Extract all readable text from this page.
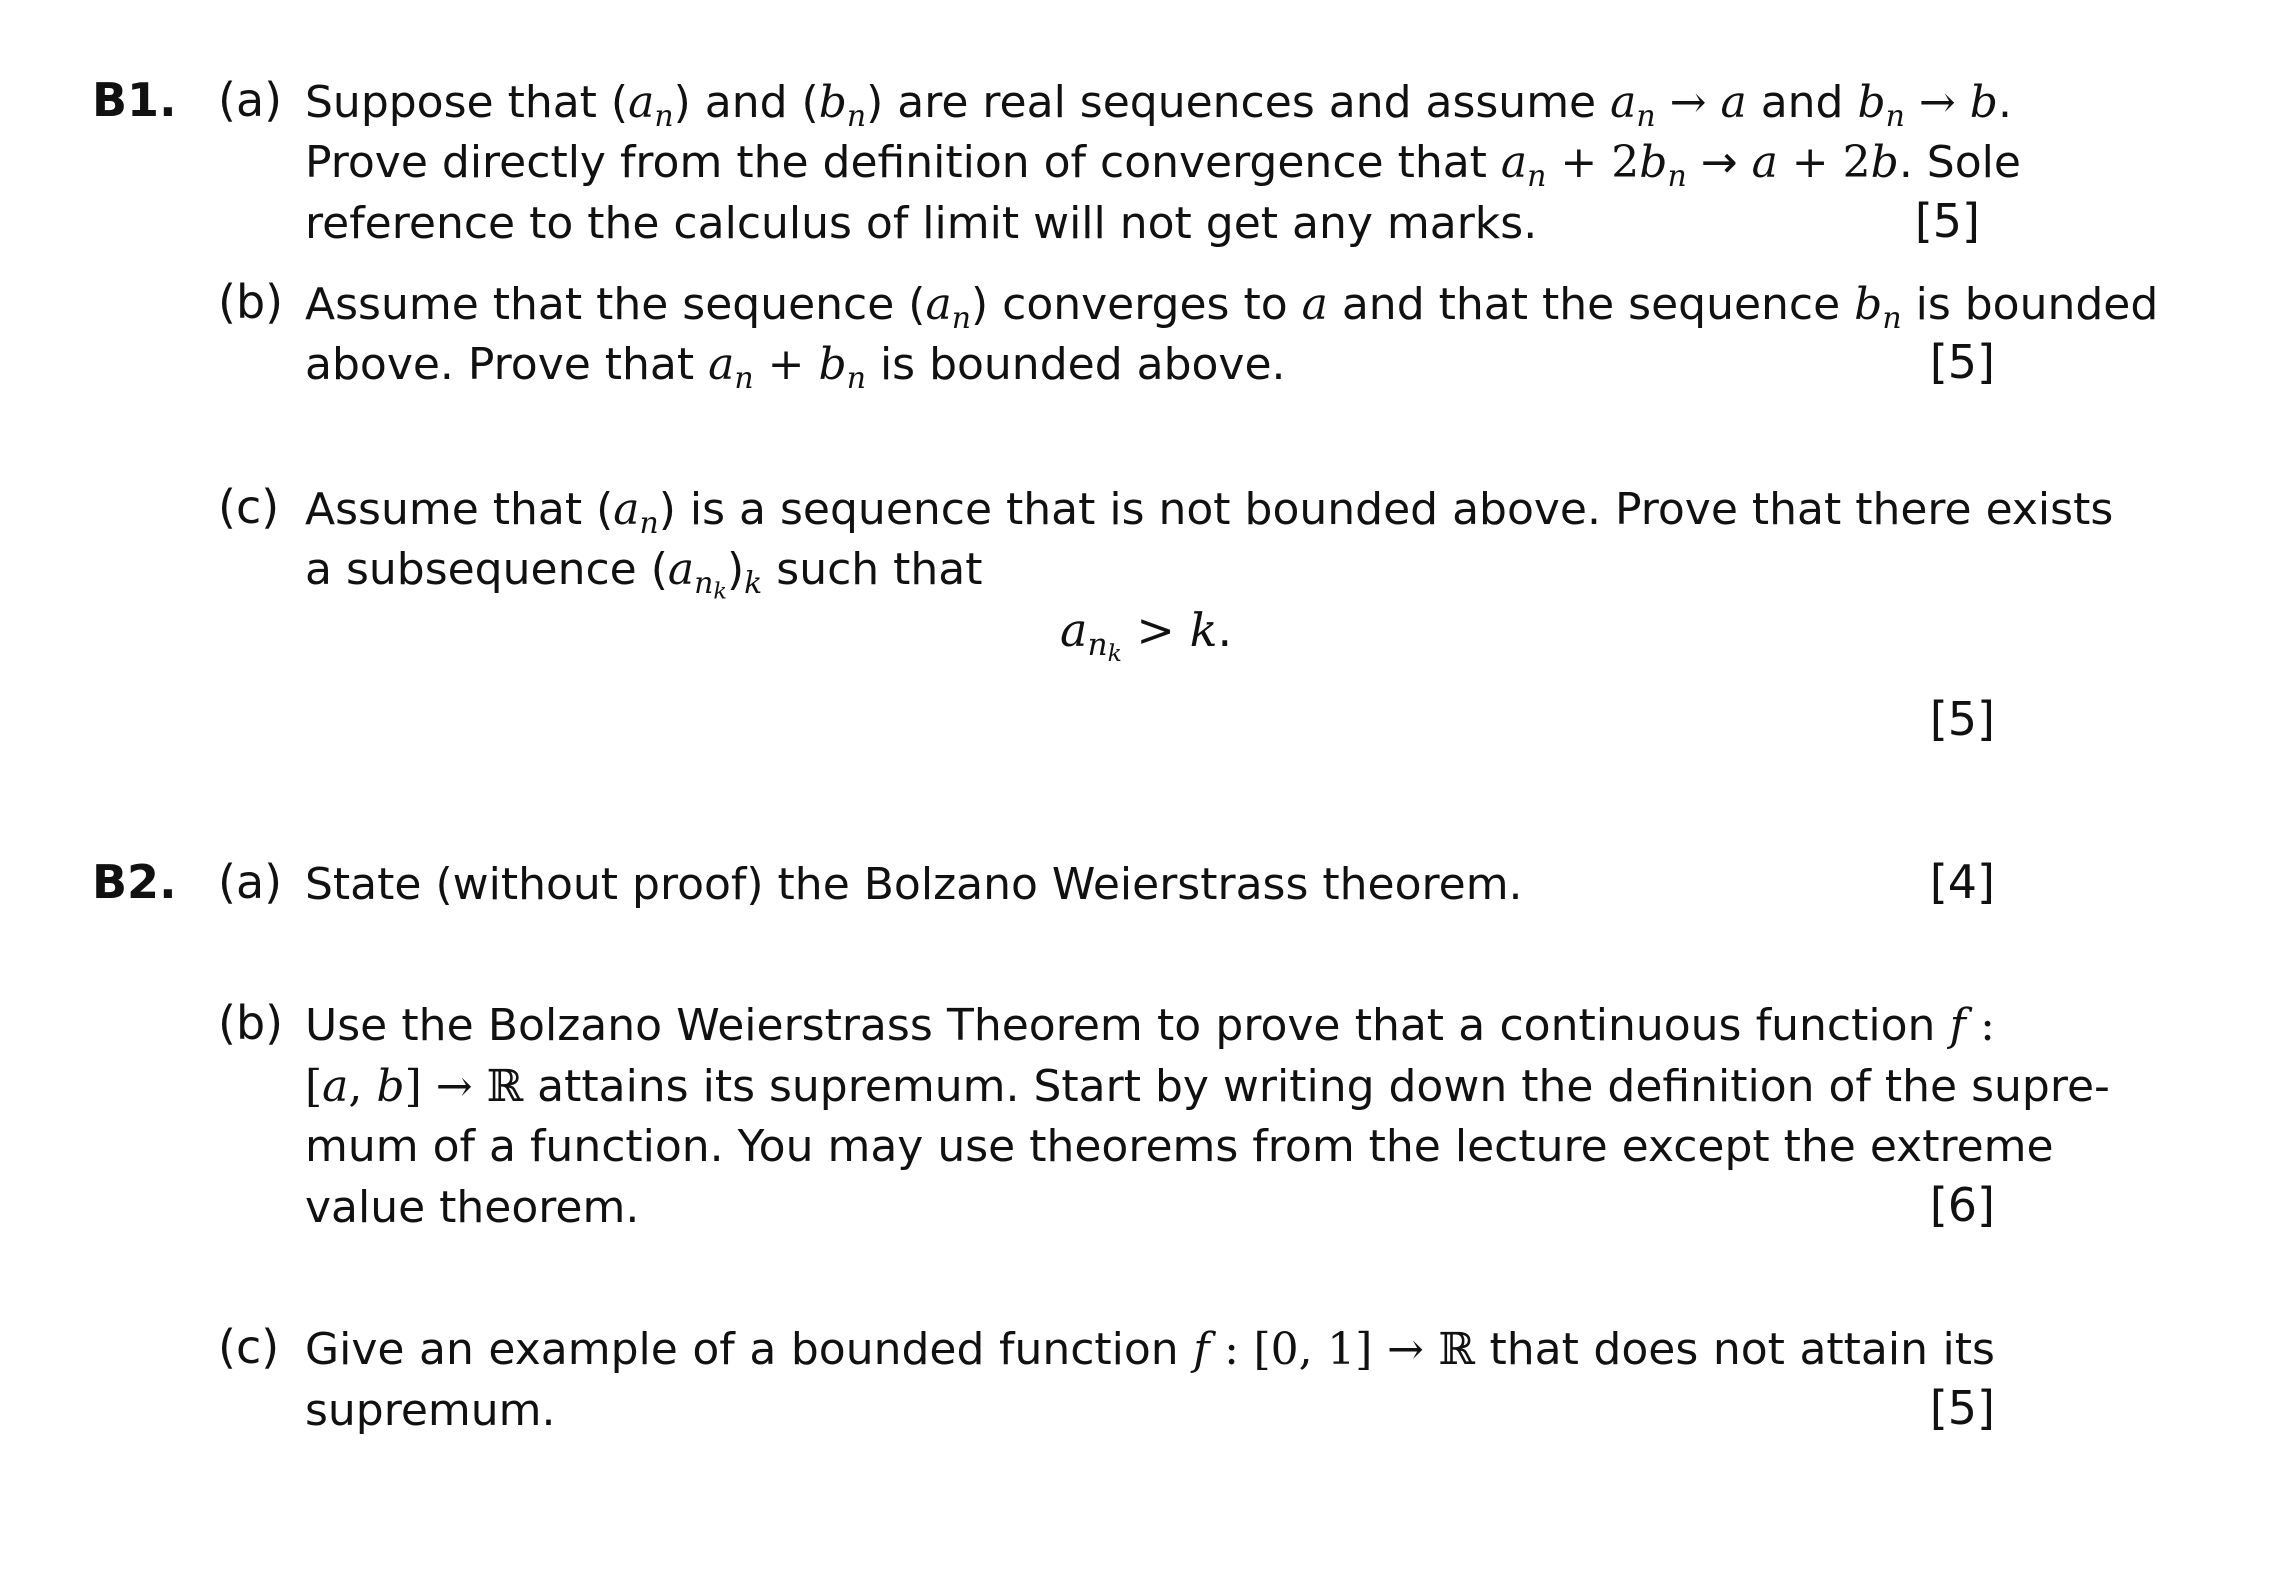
B1. (a) Suppose that $(a_n)$ and $(b_n)$ are real sequences and assume $a_n \to a$ and $b_n \to b$.
Prove directly from the definition of convergence that $a_n + 2b_n \to a + 2b$. Sole
reference to the calculus of limit will not get any marks.	[5]
(b) Assume that the sequence $(a_n)$ converges to a and that the sequence $b_n$ is bounded
above. Prove that $a_n + b_n$ is bounded above.	[5]
(c) Assume that $(a_n)$ is a sequence that is not bounded above. Prove that there exists
a subsequence $(a_{n_k})_k$ such that
$a_{n_k} > k$.
[5]
B2. (a) State (without proof) the Bolzano Weierstrass theorem.	[4]
(b) Use the Bolzano Weierstrass Theorem to prove that a continuous function f :
[a, b] → ℝ attains its supremum. Start by writing down the definition of the supre-
mum of a function. You may use theorems from the lecture except the extreme
value theorem.	[6]
(c) Give an example of a bounded function f : [0, 1] → ℝ that does not attain its
supremum.	[5]
